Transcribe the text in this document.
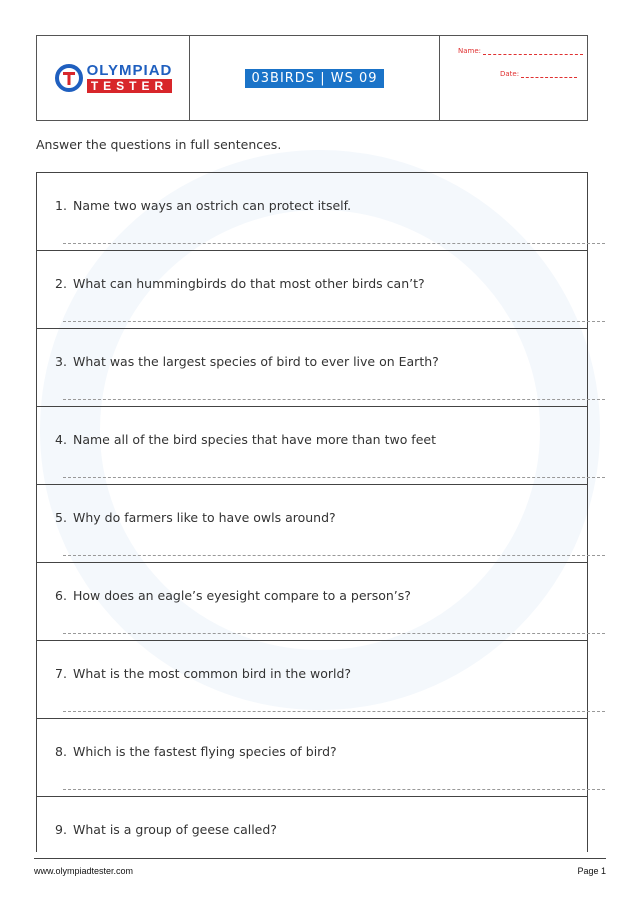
OLYMPIAD
TESTER
03BIRDS | WS 09
Name:
Date:
Answer the questions in full sentences.
1. Name two ways an ostrich can protect itself.
2. What can hummingbirds do that most other birds can’t?
3. What was the largest species of bird to ever live on Earth?
4. Name all of the bird species that have more than two feet
5. Why do farmers like to have owls around?
6. How does an eagle’s eyesight compare to a person’s?
7. What is the most common bird in the world?
8. Which is the fastest flying species of bird?
9. What is a group of geese called?
www.olympiadtester.com	Page 1
